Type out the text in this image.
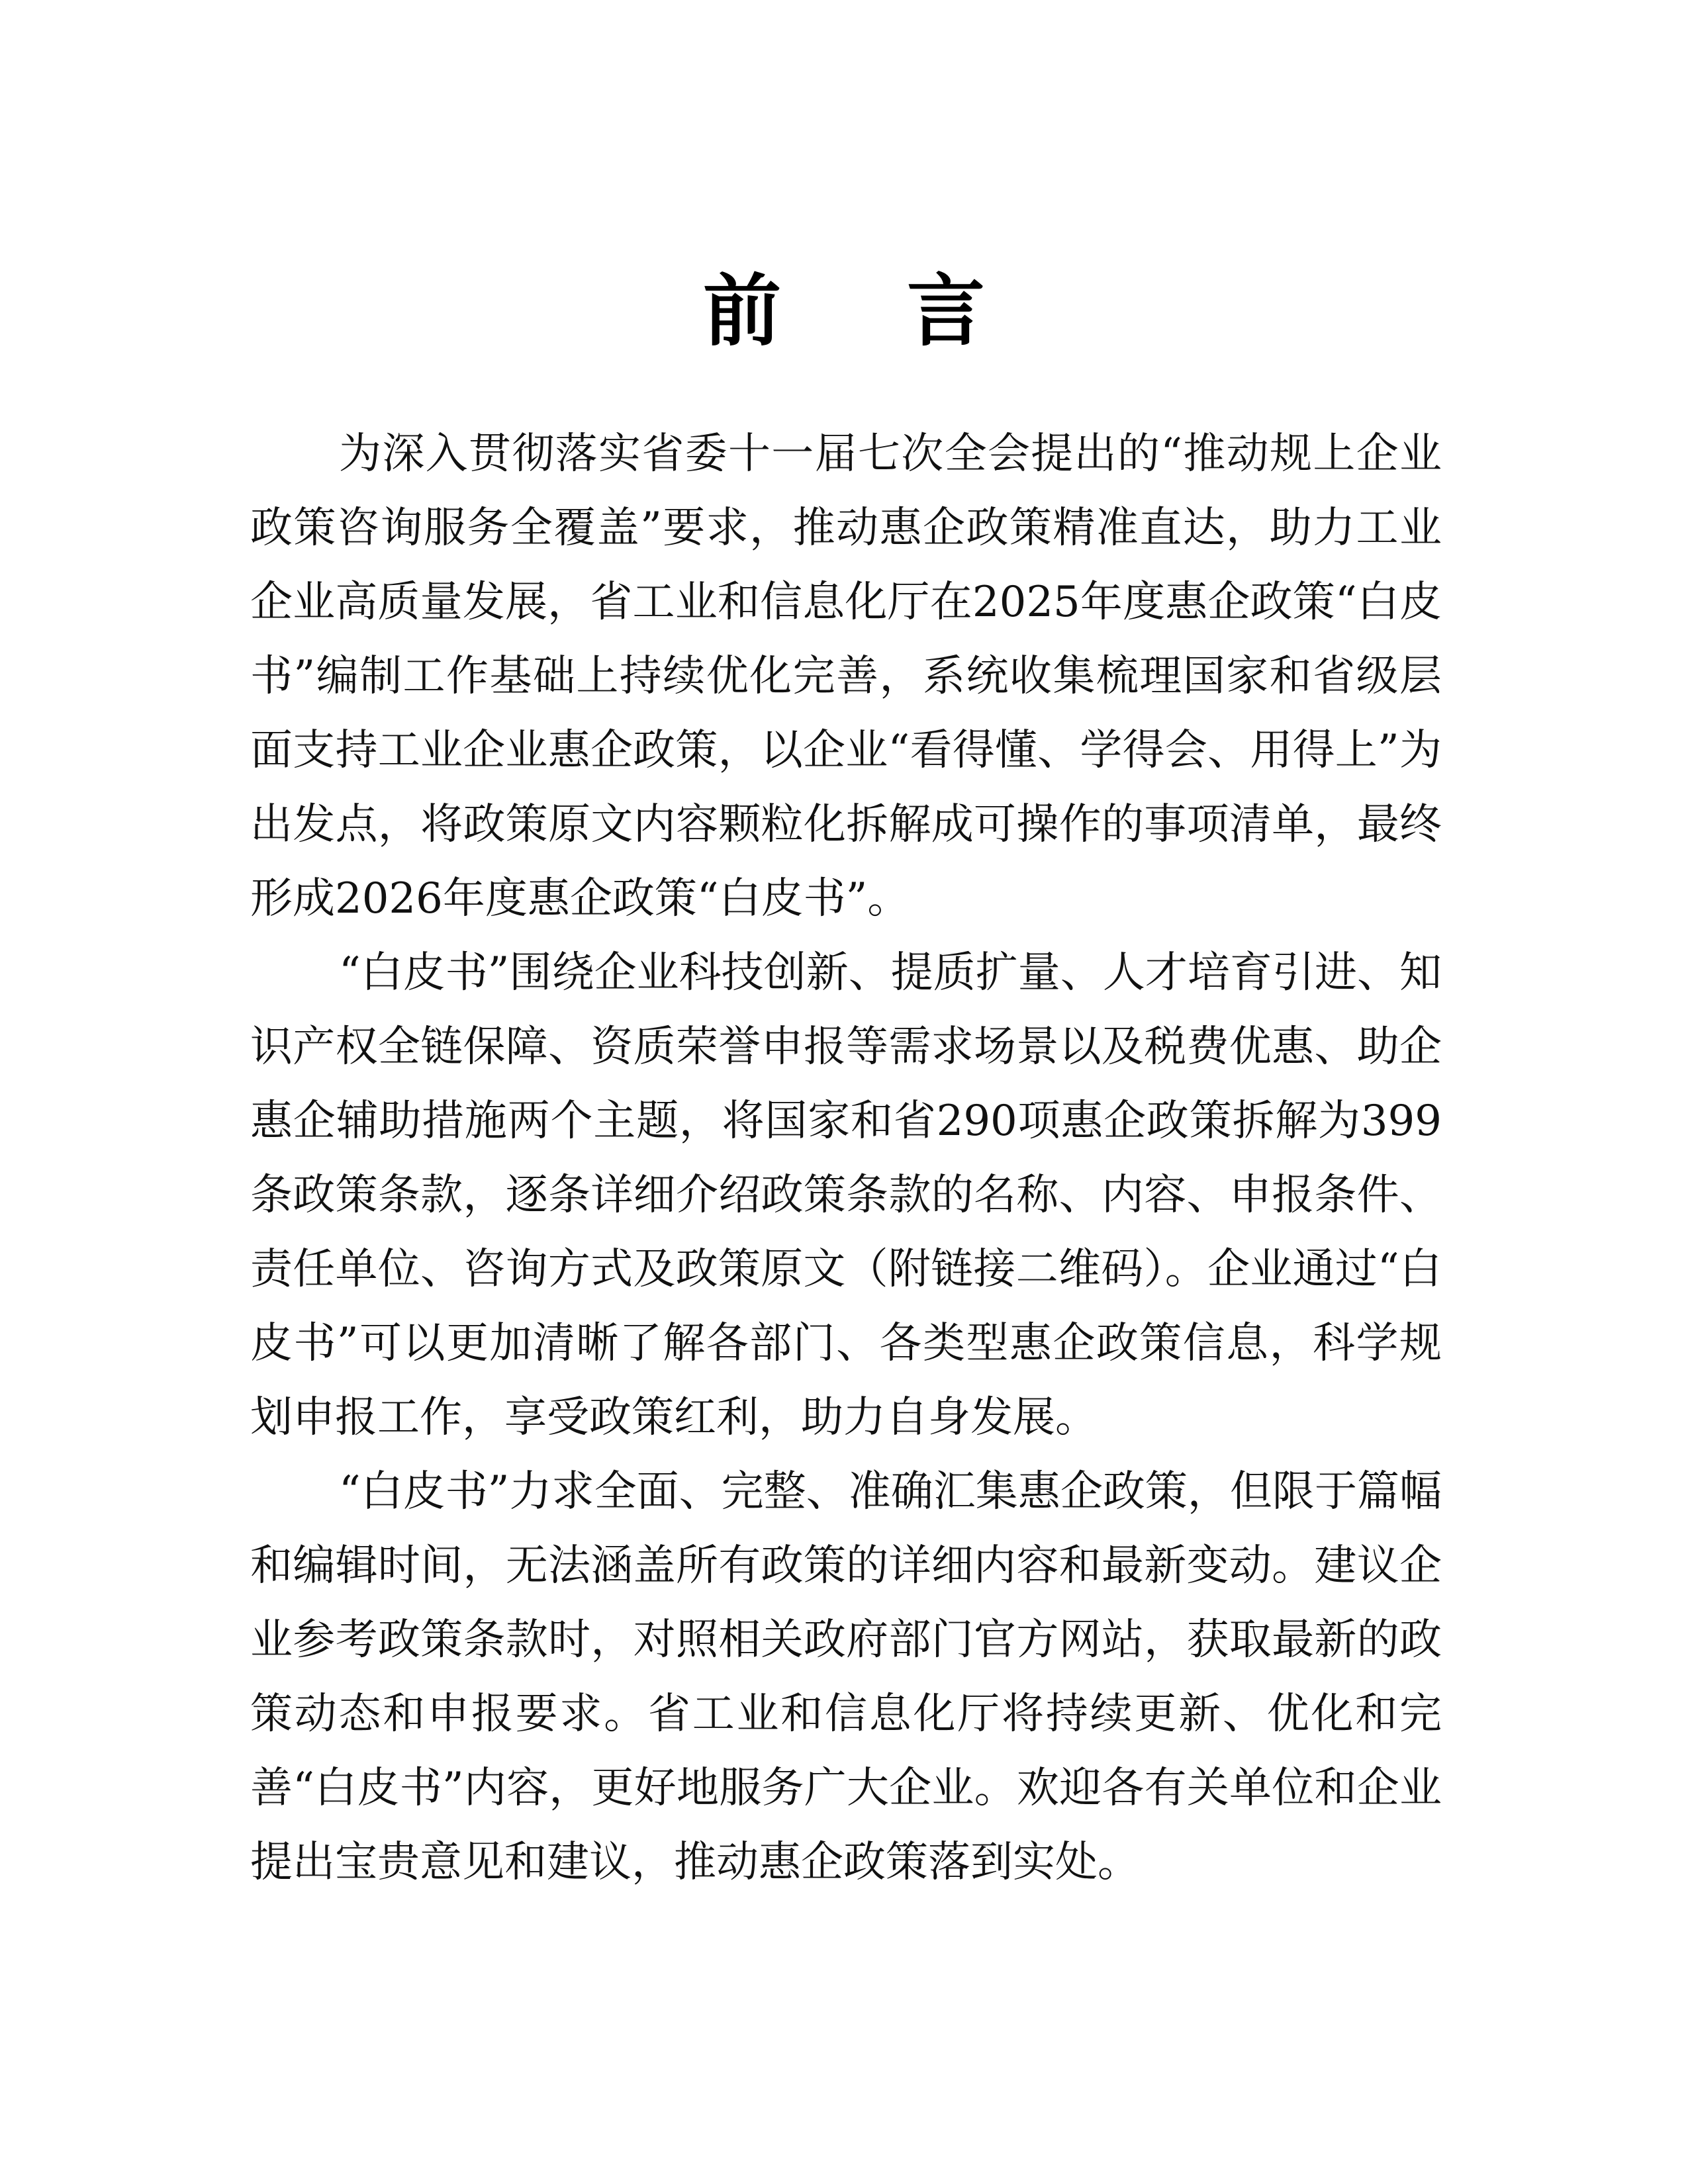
前 言

为深入贯彻落实省委十一届七次全会提出的“推动规上企业政策咨询服务全覆盖”要求，推动惠企政策精准直达，助力工业企业高质量发展，省工业和信息化厅在2025年度惠企政策“白皮书”编制工作基础上持续优化完善，系统收集梳理国家和省级层面支持工业企业惠企政策，以企业“看得懂、学得会、用得上”为出发点，将政策原文内容颗粒化拆解成可操作的事项清单，最终形成2026年度惠企政策“白皮书”。

“白皮书”围绕企业科技创新、提质扩量、人才培育引进、知识产权全链保障、资质荣誉申报等需求场景以及税费优惠、助企惠企辅助措施两个主题，将国家和省290项惠企政策拆解为399条政策条款，逐条详细介绍政策条款的名称、内容、申报条件、责任单位、咨询方式及政策原文（附链接二维码）。企业通过“白皮书”可以更加清晰了解各部门、各类型惠企政策信息，科学规划申报工作，享受政策红利，助力自身发展。

“白皮书”力求全面、完整、准确汇集惠企政策，但限于篇幅和编辑时间，无法涵盖所有政策的详细内容和最新变动。建议企业参考政策条款时，对照相关政府部门官方网站，获取最新的政策动态和申报要求。省工业和信息化厅将持续更新、优化和完善“白皮书”内容，更好地服务广大企业。欢迎各有关单位和企业提出宝贵意见和建议，推动惠企政策落到实处。
